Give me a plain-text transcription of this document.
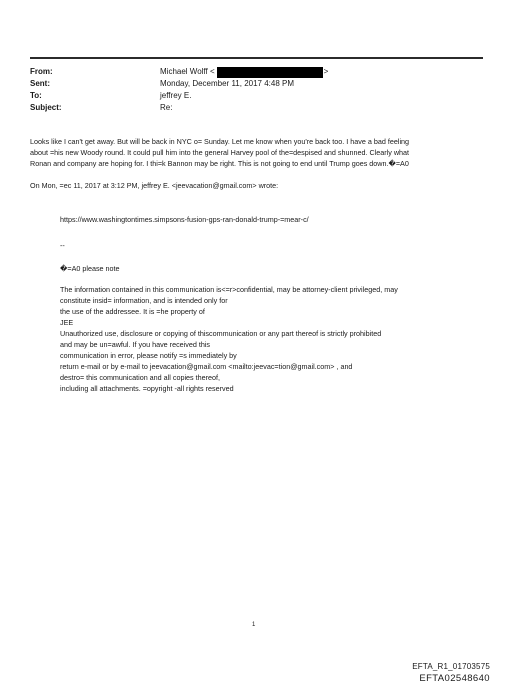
From:	Michael Wolff <	>
Sent:	Monday, December 11, 2017 4:48 PM
To:	jeffrey E.
Subject:	Re:
Looks like I can't get away. But will be back in NYC o= Sunday. Let me know when you're back too. I have a bad feeling
about =his new Woody round. It could pull him into the general Harvey pool of the=despised and shunned. Clearly what
Ronan and company are hoping for. I thi=k Bannon may be right. This is not going to end until Trump goes down.�=A0
On Mon, =ec 11, 2017 at 3:12 PM, jeffrey E. <jeevacation@gmail.com> wrote:
https://www.washingtontimes.simpsons-fusion-gps-ran-donald-trump-=mear-c/
--
�=A0 please note
The information contained in this communication is<=r>confidential, may be attorney-client privileged, may
constitute insid= information, and is intended only for
the use of the addressee. It is =he property of
JEE
Unauthorized use, disclosure or copying of thiscommunication or any part thereof is strictly prohibited
and may be un=awful. If you have received this
communication in error, please notify =s immediately by
return e-mail or by e-mail to jeevacation@gmail.com <mailto:jeevac=tion@gmail.com> , and
destro= this communication and all copies thereof,
including all attachments. =opyright -all rights reserved
1
EFTA_R1_01703575
EFTA02548640
